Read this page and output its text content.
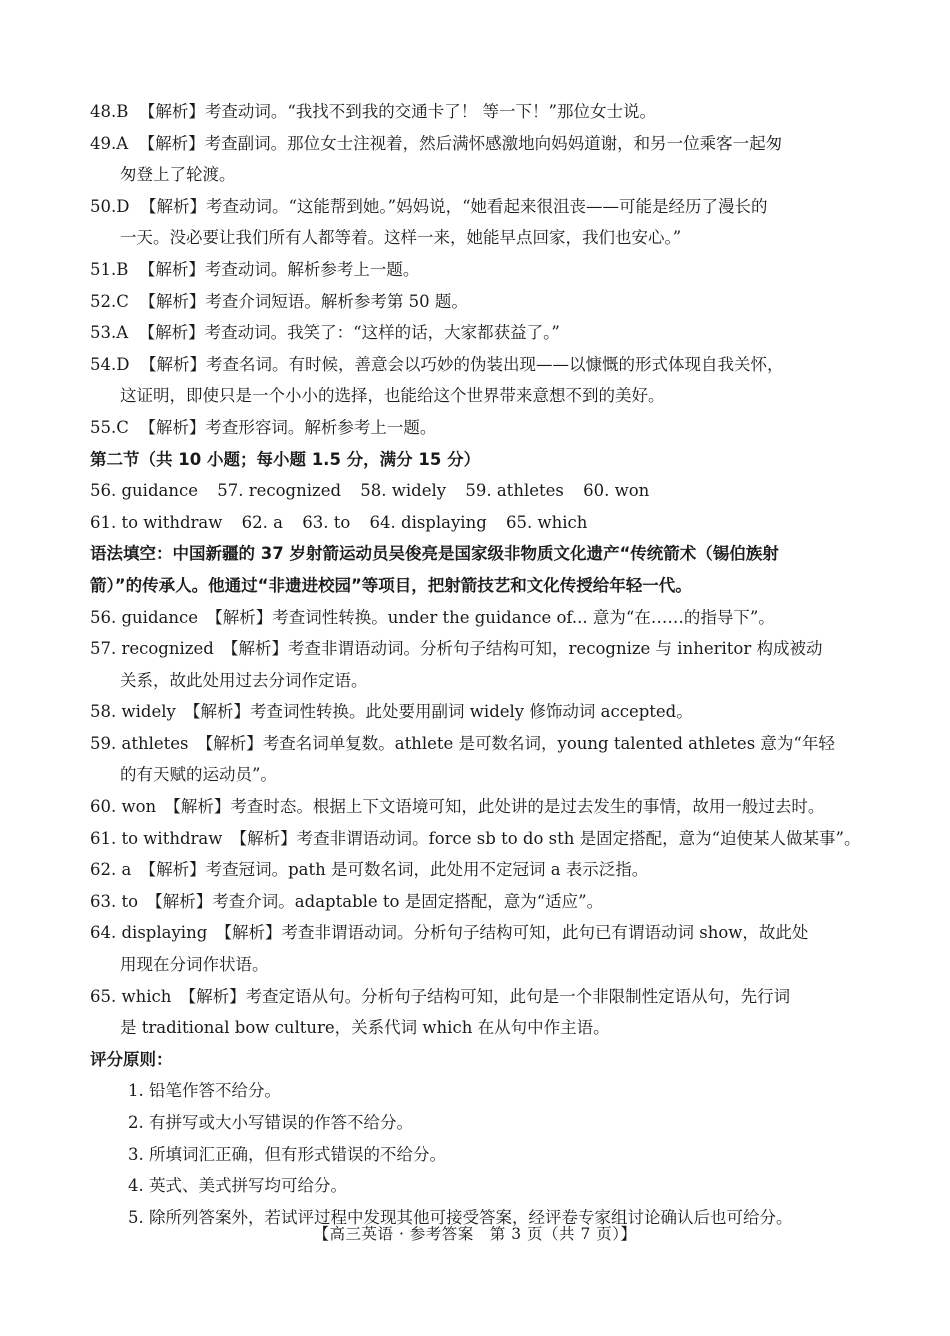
48.B 【解析】考查动词。“我找不到我的交通卡了！ 等一下！”那位女士说。
49.A 【解析】考查副词。那位女士注视着，然后满怀感激地向妈妈道谢，和另一位乘客一起匆
匆登上了轮渡。
50.D 【解析】考查动词。“这能帮到她。”妈妈说，“她看起来很沮丧——可能是经历了漫长的
一天。没必要让我们所有人都等着。这样一来，她能早点回家，我们也安心。”
51.B 【解析】考查动词。解析参考上一题。
52.C 【解析】考查介词短语。解析参考第 50 题。
53.A 【解析】考查动词。我笑了：“这样的话，大家都获益了。”
54.D 【解析】考查名词。有时候，善意会以巧妙的伪装出现——以慷慨的形式体现自我关怀，
这证明，即使只是一个小小的选择，也能给这个世界带来意想不到的美好。
55.C 【解析】考查形容词。解析参考上一题。
第二节（共 10 小题；每小题 1.5 分，满分 15 分）
56. guidance 57. recognized 58. widely 59. athletes 60. won
61. to withdraw 62. a 63. to 64. displaying 65. which
语法填空：中国新疆的 37 岁射箭运动员吴俊亮是国家级非物质文化遗产“传统箭术（锡伯族射
箭）”的传承人。他通过“非遗进校园”等项目，把射箭技艺和文化传授给年轻一代。
56. guidance　【解析】考查词性转换。under the guidance of... 意为“在……的指导下”。
57. recognized　【解析】考查非谓语动词。分析句子结构可知，recognize 与 inheritor 构成被动
关系，故此处用过去分词作定语。
58. widely　【解析】考查词性转换。此处要用副词 widely 修饰动词 accepted。
59. athletes　【解析】考查名词单复数。athlete 是可数名词，young talented athletes 意为“年轻
的有天赋的运动员”。
60. won　【解析】考查时态。根据上下文语境可知，此处讲的是过去发生的事情，故用一般过去时。
61. to withdraw　【解析】考查非谓语动词。force sb to do sth 是固定搭配，意为“迫使某人做某事”。
62. a　【解析】考查冠词。path 是可数名词，此处用不定冠词 a 表示泛指。
63. to　【解析】考查介词。adaptable to 是固定搭配，意为“适应”。
64. displaying　【解析】考查非谓语动词。分析句子结构可知，此句已有谓语动词 show，故此处
用现在分词作状语。
65. which　【解析】考查定语从句。分析句子结构可知，此句是一个非限制性定语从句，先行词
是 traditional bow culture，关系代词 which 在从句中作主语。
评分原则：
1. 铅笔作答不给分。
2. 有拼写或大小写错误的作答不给分。
3. 所填词汇正确，但有形式错误的不给分。
4. 英式、美式拼写均可给分。
5. 除所列答案外，若试评过程中发现其他可接受答案，经评卷专家组讨论确认后也可给分。
【高三英语 · 参考答案　第 3 页（共 7 页）】
